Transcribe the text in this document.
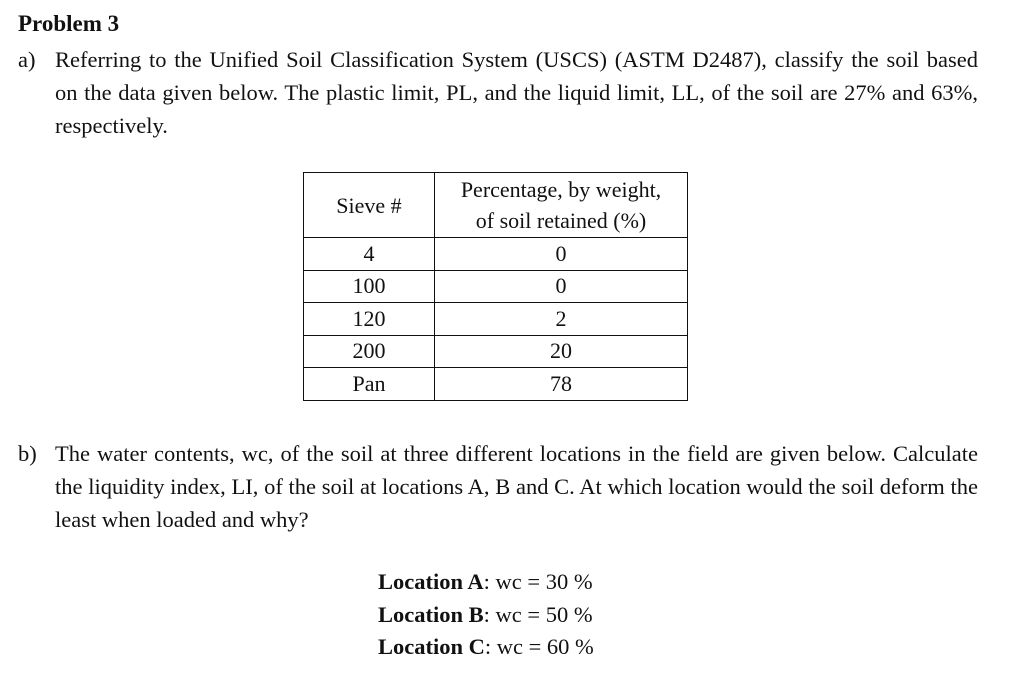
Problem 3
a) Referring to the Unified Soil Classification System (USCS) (ASTM D2487), classify the soil based on the data given below. The plastic limit, PL, and the liquid limit, LL, of the soil are 27% and 63%, respectively.
Sieve #	Percentage, by weight,
of soil retained (%)
4	0
100	0
120	2
200	20
Pan	78
b) The water contents, wc, of the soil at three different locations in the field are given below. Calculate the liquidity index, LI, of the soil at locations A, B and C. At which location would the soil deform the least when loaded and why?
Location A: wc = 30 %
Location B: wc = 50 %
Location C: wc = 60 %
